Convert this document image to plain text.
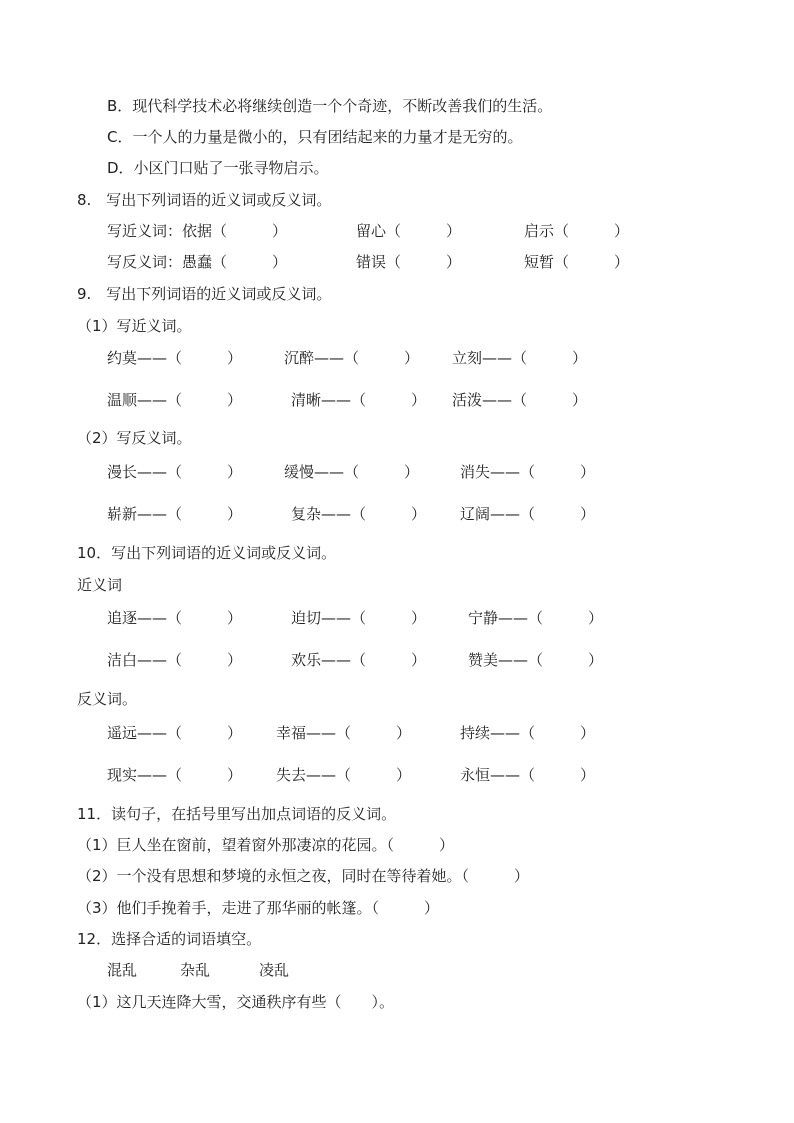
B．现代科学技术必将继续创造一个个奇迹，不断改善我们的生活。
C．一个人的力量是微小的，只有团结起来的力量才是无穷的。
D．小区门口贴了一张寻物启示。
8.　写出下列词语的近义词或反义词。
写近义词：依据（　　　）	留心（　　　）	启示（　　　）
写反义词：愚蠢（　　　）	错误（　　　）	短暂（　　　）
9.　写出下列词语的近义词或反义词。
（1）写近义词。
约莫——（　　　）	沉醉——（　　　） 立刻——（　　　）
温顺——（　　　）	清晰——（　　　） 活泼——（　　　）
（2）写反义词。
漫长——（　　　）	缓慢——（　　　）	消失——（　　　）
崭新——（　　　）	复杂——（　　　） 辽阔——（　　　）
10．写出下列词语的近义词或反义词。
近义词
追逐——（　　　）	迫切——（　　　）	宁静——（　　　）
洁白——（　　　）	欢乐——（　　　）	赞美——（　　　）
反义词。
遥远——（　　　） 幸福——（　　　）	持续——（　　　）
现实——（　　　） 失去——（　　　）	永恒——（　　　）
11．读句子，在括号里写出加点词语的反义词。
（1）巨人坐在窗前，望着窗外那凄凉的花园。（　　　）
（2）一个没有思想和梦境的永恒之夜，同时在等待着她。（　　　）
（3）他们手挽着手，走进了那华丽的帐篷。（　　　）
12．选择合适的词语填空。
混乱	杂乱	凌乱
（1）这几天连降大雪，交通秩序有些（　　）。
